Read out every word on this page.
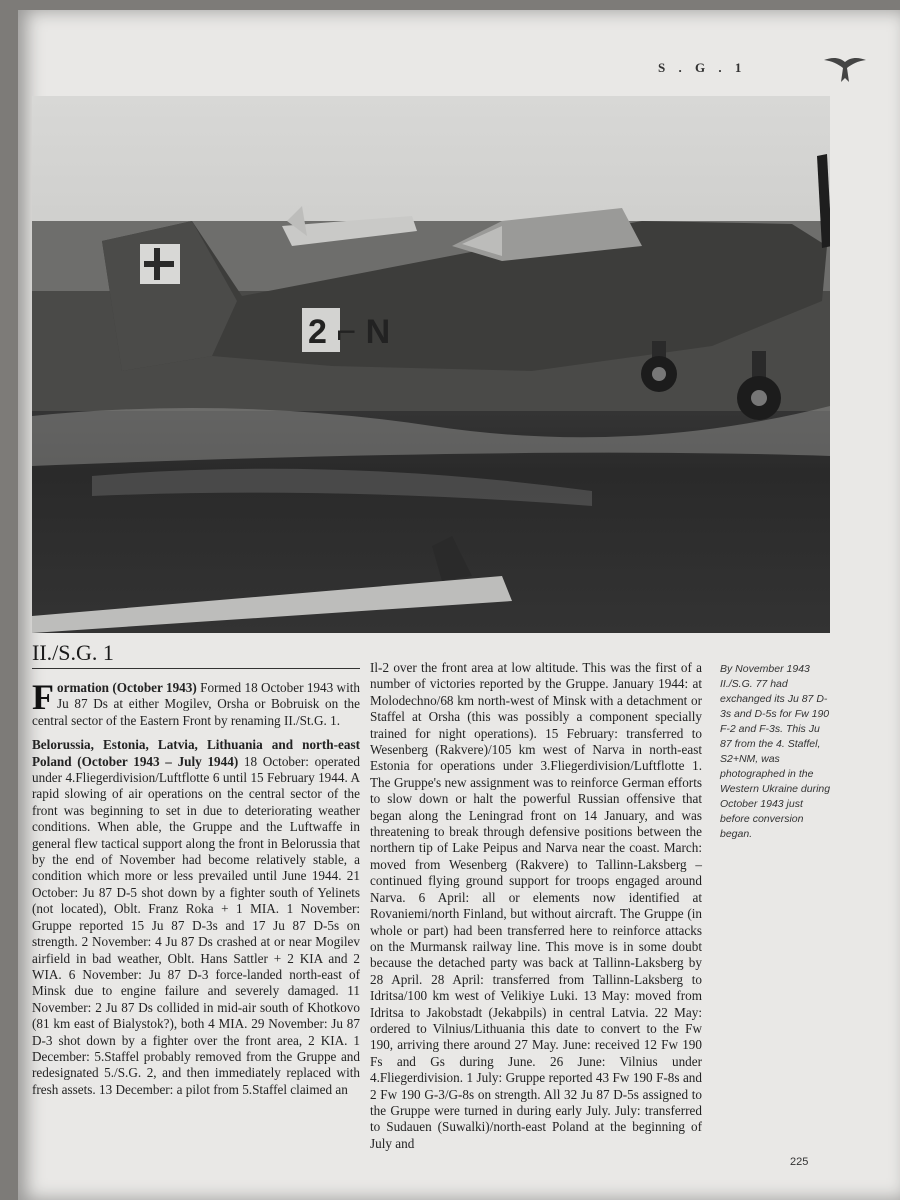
S . G . 1
2 ⌐ N
II./S.G. 1

Formation (October 1943) Formed 18 October 1943 with Ju 87 Ds at either Mogilev, Orsha or Bobruisk on the central sector of the Eastern Front by renaming II./St.G. 1.

Belorussia, Estonia, Latvia, Lithuania and north-east Poland (October 1943 – July 1944) 18 October: operated under 4.Fliegerdivision/Luftflotte 6 until 15 February 1944. A rapid slowing of air operations on the central sector of the front was beginning to set in due to deteriorating weather conditions. When able, the Gruppe and the Luftwaffe in general flew tactical support along the front in Belorussia that by the end of November had become relatively stable, a condition which more or less prevailed until June 1944. 21 October: Ju 87 D-5 shot down by a fighter south of Yelinets (not located), Oblt. Franz Roka + 1 MIA. 1 November: Gruppe reported 15 Ju 87 D-3s and 17 Ju 87 D-5s on strength. 2 November: 4 Ju 87 Ds crashed at or near Mogilev airfield in bad weather, Oblt. Hans Sattler + 2 KIA and 2 WIA. 6 November: Ju 87 D-3 force-landed north-east of Minsk due to engine failure and severely damaged. 11 November: 2 Ju 87 Ds collided in mid-air south of Khotkovo (81 km east of Bialystok?), both 4 MIA. 29 November: Ju 87 D-3 shot down by a fighter over the front area, 2 KIA. 1 December: 5.Staffel probably removed from the Gruppe and redesignated 5./S.G. 2, and then immediately replaced with fresh assets. 13 December: a pilot from 5.Staffel claimed an

Il-2 over the front area at low altitude. This was the first of a number of victories reported by the Gruppe. January 1944: at Molodechno/68 km north-west of Minsk with a detachment or Staffel at Orsha (this was possibly a component specially trained for night operations). 15 February: transferred to Wesenberg (Rakvere)/105 km west of Narva in north-east Estonia for operations under 3.Fliegerdivision/Luftflotte 1. The Gruppe's new assignment was to reinforce German efforts to slow down or halt the powerful Russian offensive that began along the Leningrad front on 14 January, and was threatening to break through defensive positions between the northern tip of Lake Peipus and Narva near the coast. March: moved from Wesenberg (Rakvere) to Tallinn-Laksberg – continued flying ground support for troops engaged around Narva. 6 April: all or elements now identified at Rovaniemi/north Finland, but without aircraft. The Gruppe (in whole or part) had been transferred here to reinforce attacks on the Murmansk railway line. This move is in some doubt because the detached party was back at Tallinn-Laksberg by 28 April. 28 April: transferred from Tallinn-Laksberg to Idritsa/100 km west of Velikiye Luki. 13 May: moved from Idritsa to Jakobstadt (Jekabpils) in central Latvia. 22 May: ordered to Vilnius/Lithuania this date to convert to the Fw 190, arriving there around 27 May. June: received 12 Fw 190 Fs and Gs during June. 26 June: Vilnius under 4.Fliegerdivision. 1 July: Gruppe reported 43 Fw 190 F-8s and 2 Fw 190 G-3/G-8s on strength. All 32 Ju 87 D-5s assigned to the Gruppe were turned in during early July. July: transferred to Sudauen (Suwalki)/north-east Poland at the beginning of July and

By November 1943 II./S.G. 77 had exchanged its Ju 87 D-3s and D-5s for Fw 190 F-2 and F-3s. This Ju 87 from the 4. Staffel, S2+NM, was photographed in the Western Ukraine during October 1943 just before conversion began.
225
